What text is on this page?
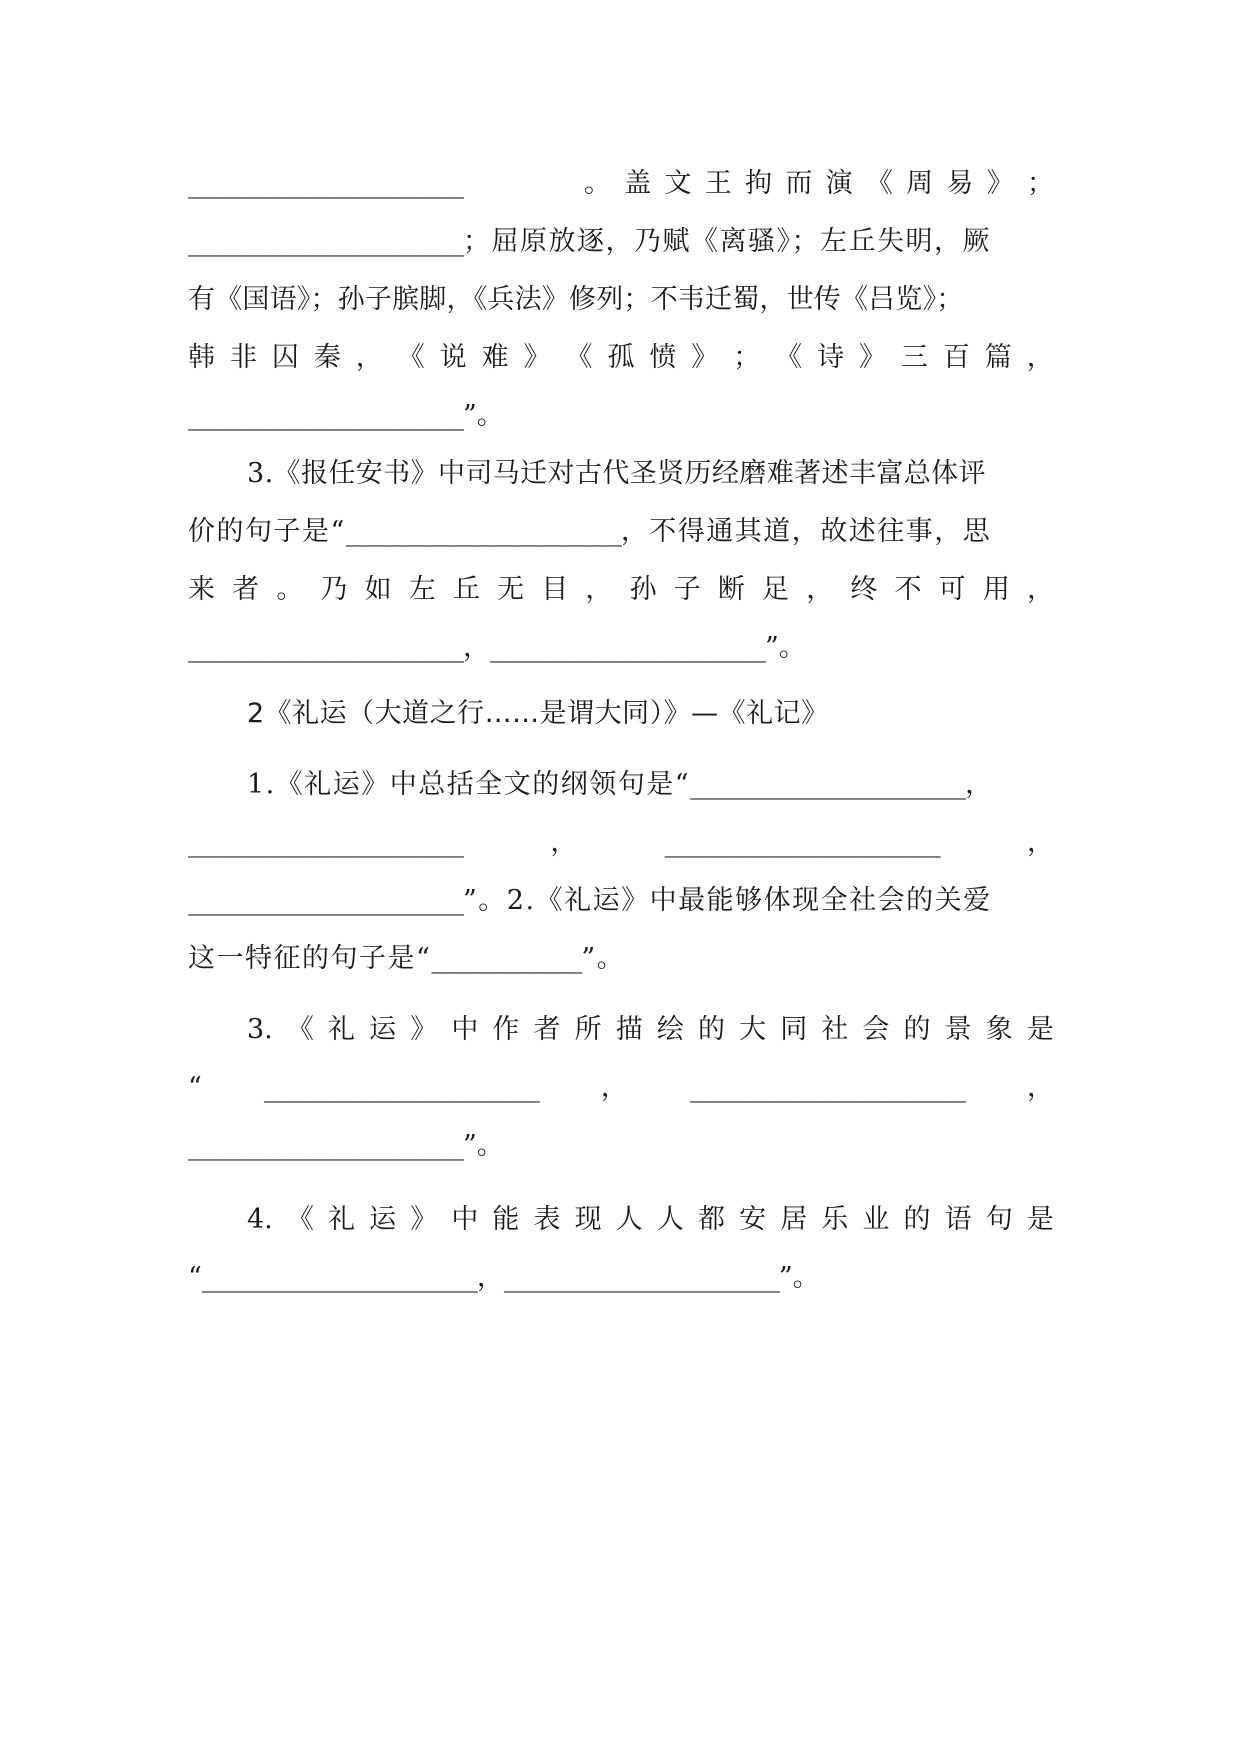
______________________	。 盖 文 王 拘 而 演 《 周 易 》 ；
______________________ ；屈原放逐，乃赋《离骚》；左丘失明，厥
有《国语》；孙子膑脚，《兵法》修列；不韦迁蜀，世传《吕览》；
韩 非 囚 秦 ， 《 说 难 》 《 孤 愤 》 ； 《 诗 》 三 百 篇 ，
______________________ ”。
3.《报任安书》中司马迁对古代圣贤历经磨难著述丰富总体评
价的句子是“ ______________________ ，不得通其道，故述往事，思
来 者 。 乃 如 左 丘 无 目 ， 孙 子 断 足 ， 终 不 可 用 ，
______________________ ， ______________________ ”。
2《礼运（大道之行……是谓大同）》—《礼记》
1.《礼运》中总括全文的纲领句是“ ______________________ ，
______________________	，	______________________	，
______________________ ”。2.《礼运》中最能够体现全社会的关爱
这一特征的句子是“ ____________ ”。
3. 《 礼 运 》 中 作 者 所 描 绘 的 大 同 社 会 的 景 象 是
“ ______________________ ， ______________________ ，
______________________ ”。
4. 《 礼 运 》 中 能 表 现 人 人 都 安 居 乐 业 的 语 句 是
“ ______________________ ， ______________________ ”。
